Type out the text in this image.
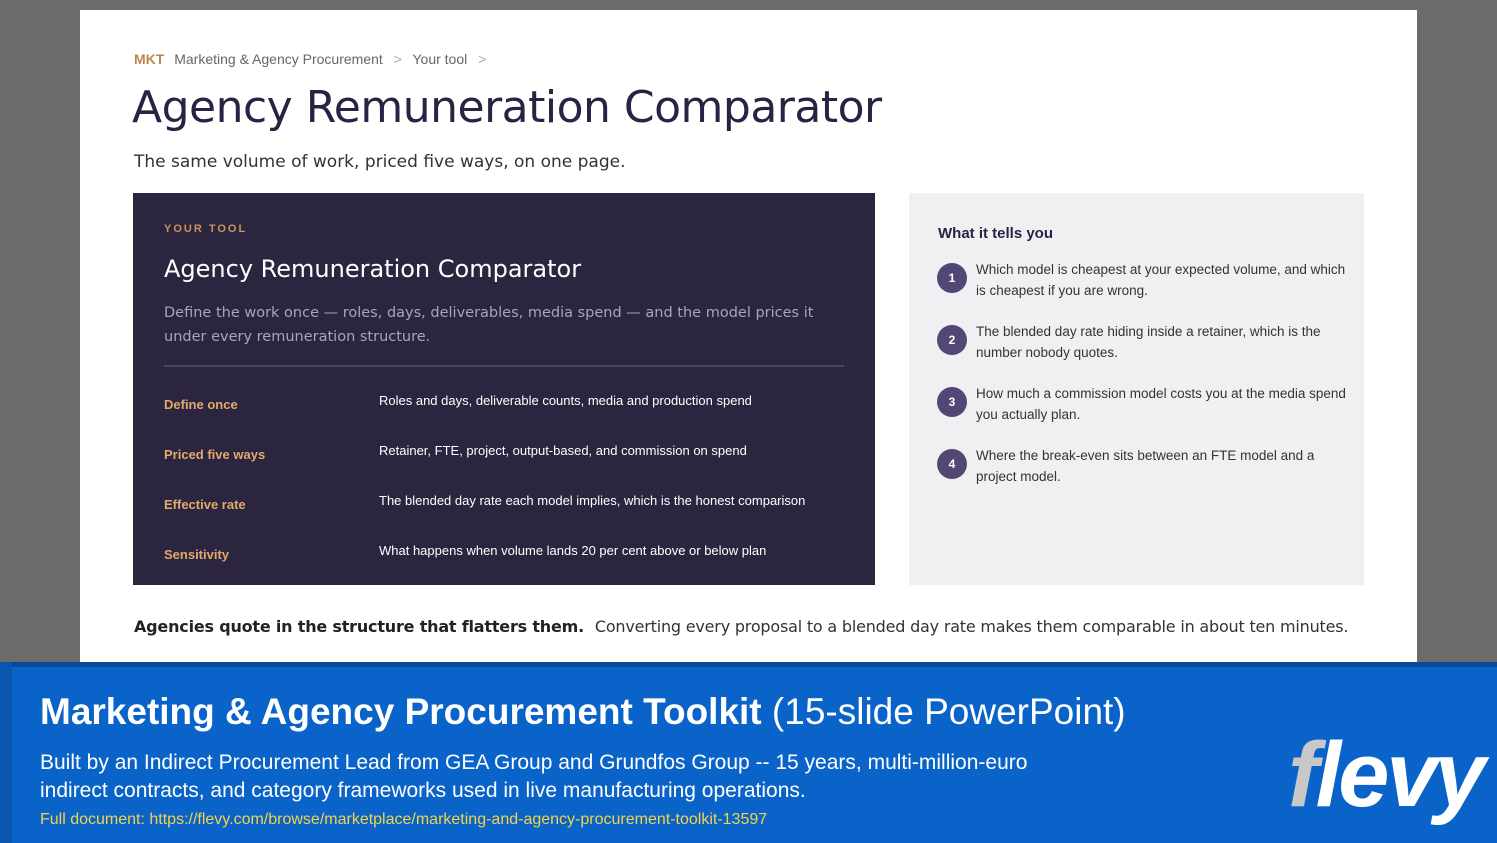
MKT Marketing & Agency Procurement > Your tool >
Agency Remuneration Comparator

The same volume of work, priced five ways, on one page.

YOUR TOOL
Agency Remuneration Comparator
Define the work once — roles, days, deliverables, media spend — and the model prices it under every remuneration structure.
Define once	Roles and days, deliverable counts, media and production spend
Priced five ways	Retainer, FTE, project, output-based, and commission on spend
Effective rate	The blended day rate each model implies, which is the honest comparison
Sensitivity	What happens when volume lands 20 per cent above or below plan
What it tells you
1
Which model is cheapest at your expected volume, and which is cheapest if you are wrong.
2
The blended day rate hiding inside a retainer, which is the number nobody quotes.
3
How much a commission model costs you at the media spend you actually plan.
4
Where the break-even sits between an FTE model and a project model.

Agencies quote in the structure that flatters them. Converting every proposal to a blended day rate makes them comparable in about ten minutes.

Marketing & Agency Procurement Toolkit (15-slide PowerPoint)
Built by an Indirect Procurement Lead from GEA Group and Grundfos Group -- 15 years, multi-million-euro indirect contracts, and category frameworks used in live manufacturing operations.
Full document: https://flevy.com/browse/marketplace/marketing-and-agency-procurement-toolkit-13597	flevy
